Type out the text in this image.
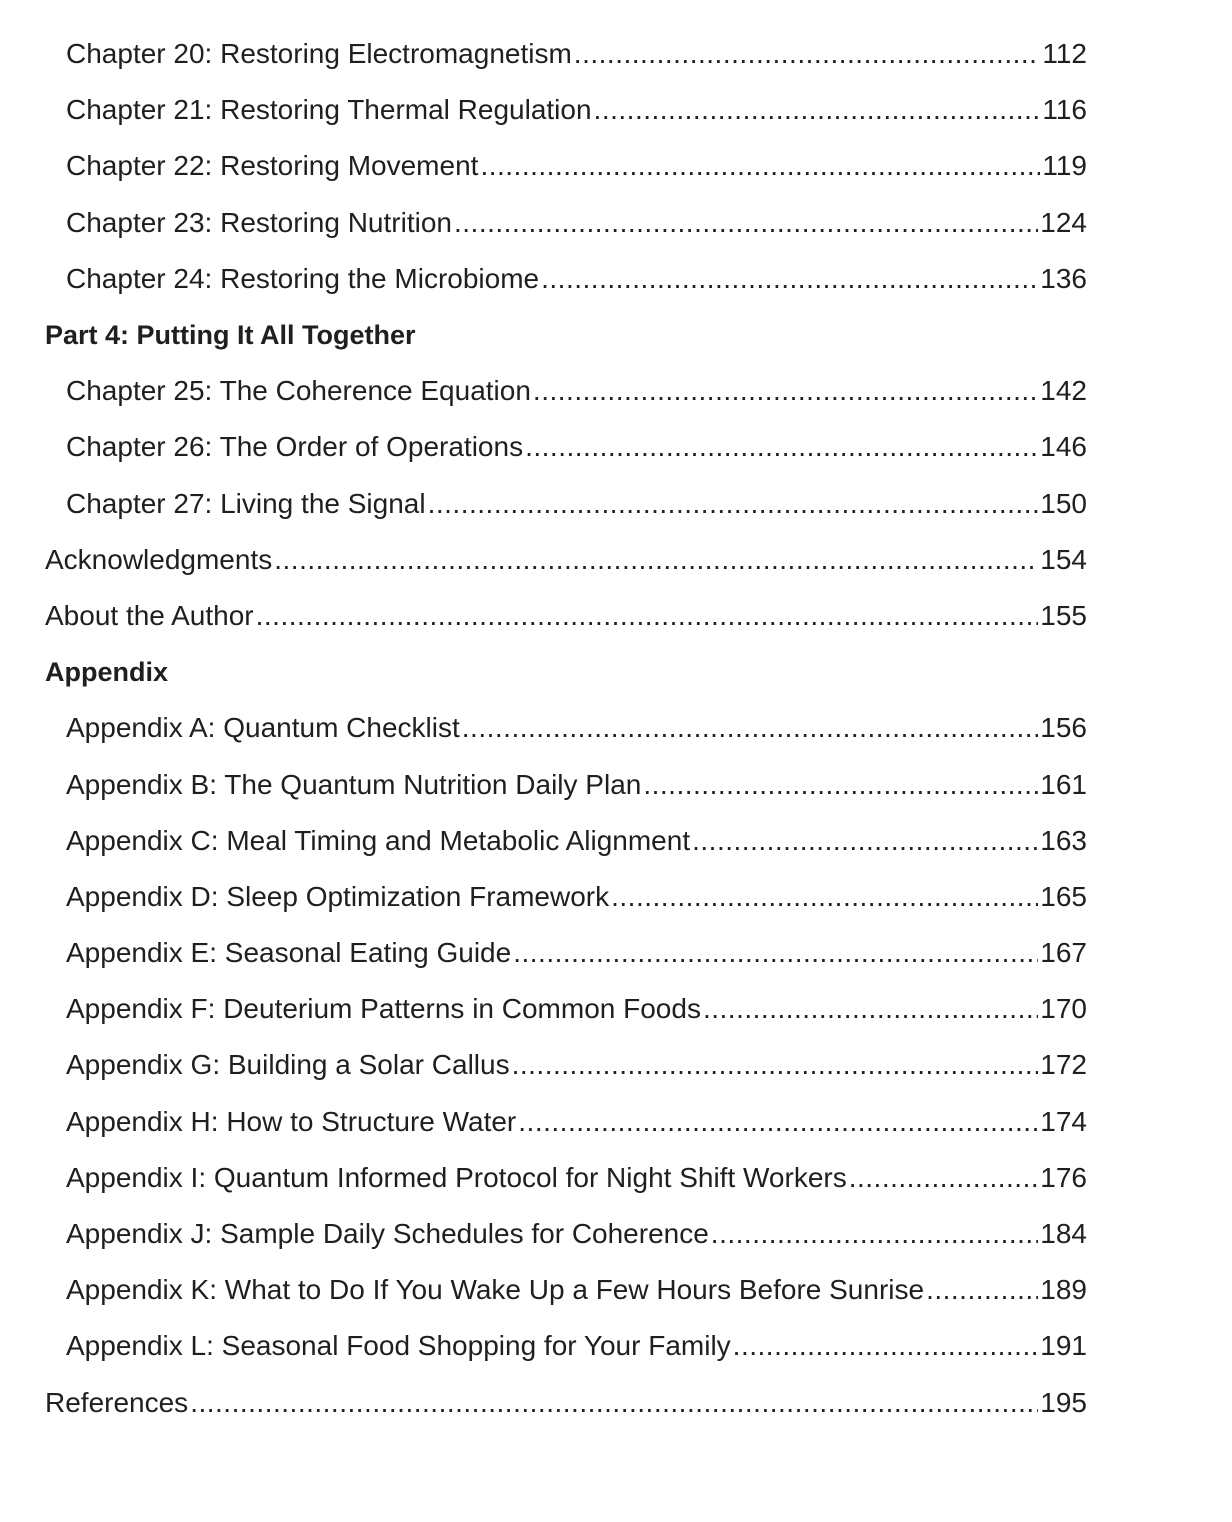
Chapter 20: Restoring Electromagnetism .....	112
Chapter 21: Restoring Thermal Regulation .....	116
Chapter 22: Restoring Movement .....	119
Chapter 23: Restoring Nutrition .....	124
Chapter 24: Restoring the Microbiome .....	136
Part 4: Putting It All Together
Chapter 25: The Coherence Equation .....	142
Chapter 26: The Order of Operations .....	146
Chapter 27: Living the Signal .....	150
Acknowledgments .....	154
About the Author .....	155
Appendix
Appendix A: Quantum Checklist .....	156
Appendix B: The Quantum Nutrition Daily Plan .....	161
Appendix C: Meal Timing and Metabolic Alignment .....	163
Appendix D: Sleep Optimization Framework .....	165
Appendix E: Seasonal Eating Guide .....	167
Appendix F: Deuterium Patterns in Common Foods .....	170
Appendix G: Building a Solar Callus .....	172
Appendix H: How to Structure Water .....	174
Appendix I: Quantum Informed Protocol for Night Shift Workers .....	176
Appendix J: Sample Daily Schedules for Coherence .....	184
Appendix K: What to Do If You Wake Up a Few Hours Before Sunrise .....	189
Appendix L: Seasonal Food Shopping for Your Family .....	191
References .....	195
